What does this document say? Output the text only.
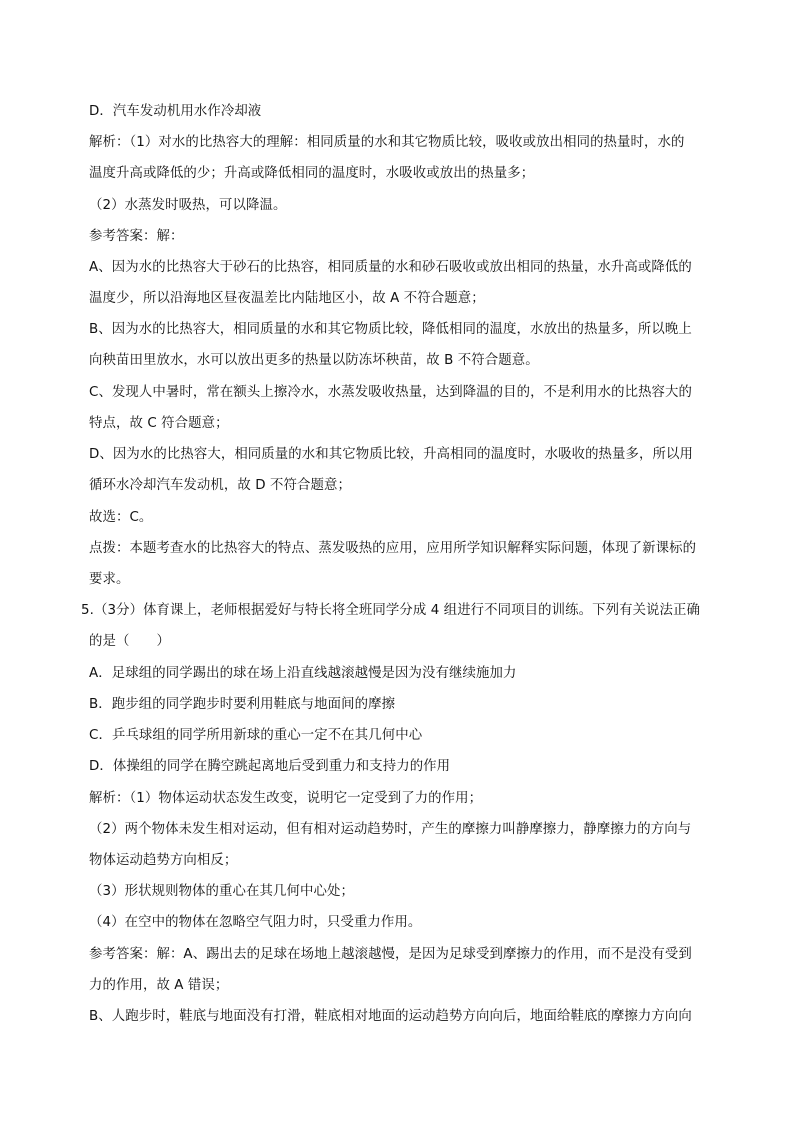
D．汽车发动机用水作冷却液
解析：（1）对水的比热容大的理解：相同质量的水和其它物质比较，吸收或放出相同的热量时，水的
温度升高或降低的少；升高或降低相同的温度时，水吸收或放出的热量多；
（2）水蒸发时吸热，可以降温。
参考答案：解：
A、因为水的比热容大于砂石的比热容，相同质量的水和砂石吸收或放出相同的热量，水升高或降低的
温度少，所以沿海地区昼夜温差比内陆地区小，故 A 不符合题意；
B、因为水的比热容大，相同质量的水和其它物质比较，降低相同的温度，水放出的热量多，所以晚上
向秧苗田里放水，水可以放出更多的热量以防冻坏秧苗，故 B 不符合题意。
C、发现人中暑时，常在额头上擦冷水，水蒸发吸收热量，达到降温的目的，不是利用水的比热容大的
特点，故 C 符合题意；
D、因为水的比热容大，相同质量的水和其它物质比较，升高相同的温度时，水吸收的热量多，所以用
循环水冷却汽车发动机，故 D 不符合题意；
故选：C。
点拨：本题考查水的比热容大的特点、蒸发吸热的应用，应用所学知识解释实际问题，体现了新课标的
要求。
5.（3分）体育课上，老师根据爱好与特长将全班同学分成 4 组进行不同项目的训练。下列有关说法正确
的是（　　）
A．足球组的同学踢出的球在场上沿直线越滚越慢是因为没有继续施加力
B．跑步组的同学跑步时要利用鞋底与地面间的摩擦
C．乒乓球组的同学所用新球的重心一定不在其几何中心
D．体操组的同学在腾空跳起离地后受到重力和支持力的作用
解析：（1）物体运动状态发生改变，说明它一定受到了力的作用；
（2）两个物体未发生相对运动，但有相对运动趋势时，产生的摩擦力叫静摩擦力，静摩擦力的方向与
物体运动趋势方向相反；
（3）形状规则物体的重心在其几何中心处；
（4）在空中的物体在忽略空气阻力时，只受重力作用。
参考答案：解：A、踢出去的足球在场地上越滚越慢，是因为足球受到摩擦力的作用，而不是没有受到
力的作用，故 A 错误；
B、人跑步时，鞋底与地面没有打滑，鞋底相对地面的运动趋势方向向后，地面给鞋底的摩擦力方向向
